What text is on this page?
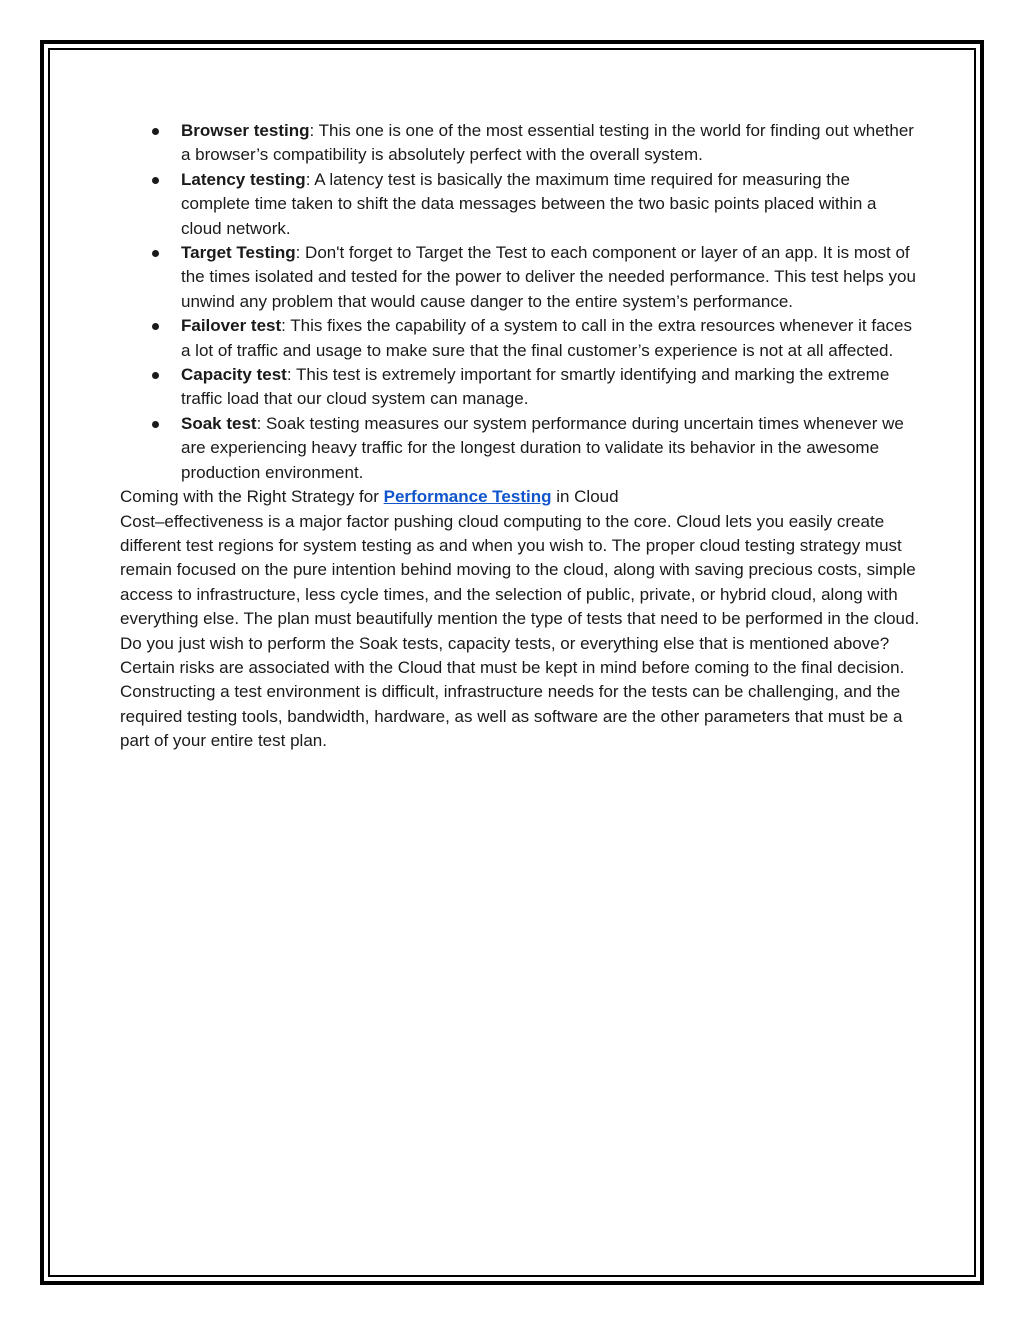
Browser testing: This one is one of the most essential testing in the world for finding out whether a browser’s compatibility is absolutely perfect with the overall system.
Latency testing: A latency test is basically the maximum time required for measuring the complete time taken to shift the data messages between the two basic points placed within a cloud network.
Target Testing: Don't forget to Target the Test to each component or layer of an app. It is most of the times isolated and tested for the power to deliver the needed performance. This test helps you unwind any problem that would cause danger to the entire system’s performance.
Failover test: This fixes the capability of a system to call in the extra resources whenever it faces a lot of traffic and usage to make sure that the final customer’s experience is not at all affected.
Capacity test: This test is extremely important for smartly identifying and marking the extreme traffic load that our cloud system can manage.
Soak test: Soak testing measures our system performance during uncertain times whenever we are experiencing heavy traffic for the longest duration to validate its behavior in the awesome production environment.

Coming with the Right Strategy for Performance Testing in Cloud

Cost–effectiveness is a major factor pushing cloud computing to the core. Cloud lets you easily create different test regions for system testing as and when you wish to. The proper cloud testing strategy must remain focused on the pure intention behind moving to the cloud, along with saving precious costs, simple access to infrastructure, less cycle times, and the selection of public, private, or hybrid cloud, along with everything else. The plan must beautifully mention the type of tests that need to be performed in the cloud. Do you just wish to perform the Soak tests, capacity tests, or everything else that is mentioned above? Certain risks are associated with the Cloud that must be kept in mind before coming to the final decision. Constructing a test environment is difficult, infrastructure needs for the tests can be challenging, and the required testing tools, bandwidth, hardware, as well as software are the other parameters that must be a part of your entire test plan.
